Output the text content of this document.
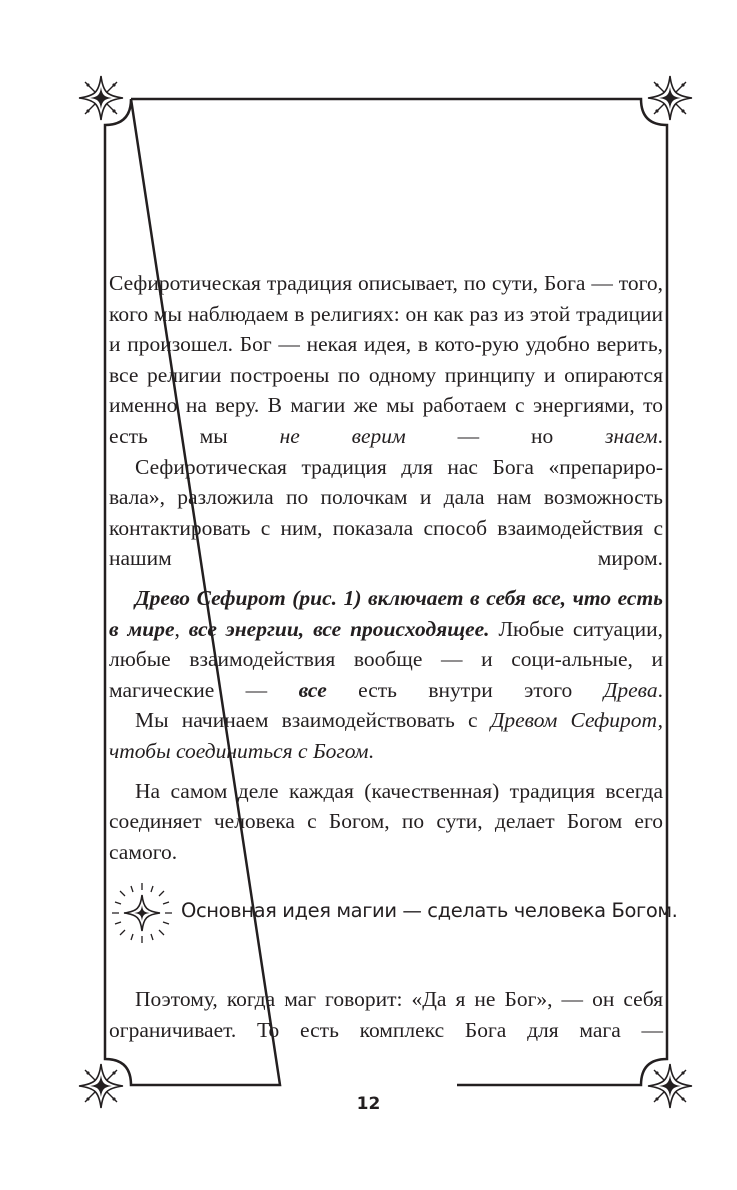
Сефиротическая традиция описывает, по сути, Бога — того, кого мы наблюдаем в религиях: он как раз из этой традиции и произошел. Бог — некая идея, в кото-​рую удобно верить, все религии построены по одному принципу и опираются именно на веру. В магии же мы работаем с энергиями, то есть мы не верим — но знаем.

Сефиротическая традиция для нас Бога «препариро-​вала», разложила по полочкам и дала нам возможность контактировать с ним, показала способ взаимодействия с нашим миром.

Древо Сефирот (рис. 1) включает в себя все, что есть в мире, все энергии, все происходящее. Любые ситуации, любые взаимодействия вообще — и соци-​альные, и магические — все есть внутри этого Древа.

Мы начинаем взаимодействовать с Древом Сефирот, чтобы соединиться с Богом.

На самом деле каждая (качественная) традиция всегда соединяет человека с Богом, по сути, делает Богом его самого.

Основная идея магии — сделать человека Богом.

Поэтому, когда маг говорит: «Да я не Бог», — он себя ограничивает. То есть комплекс Бога для мага —

12
